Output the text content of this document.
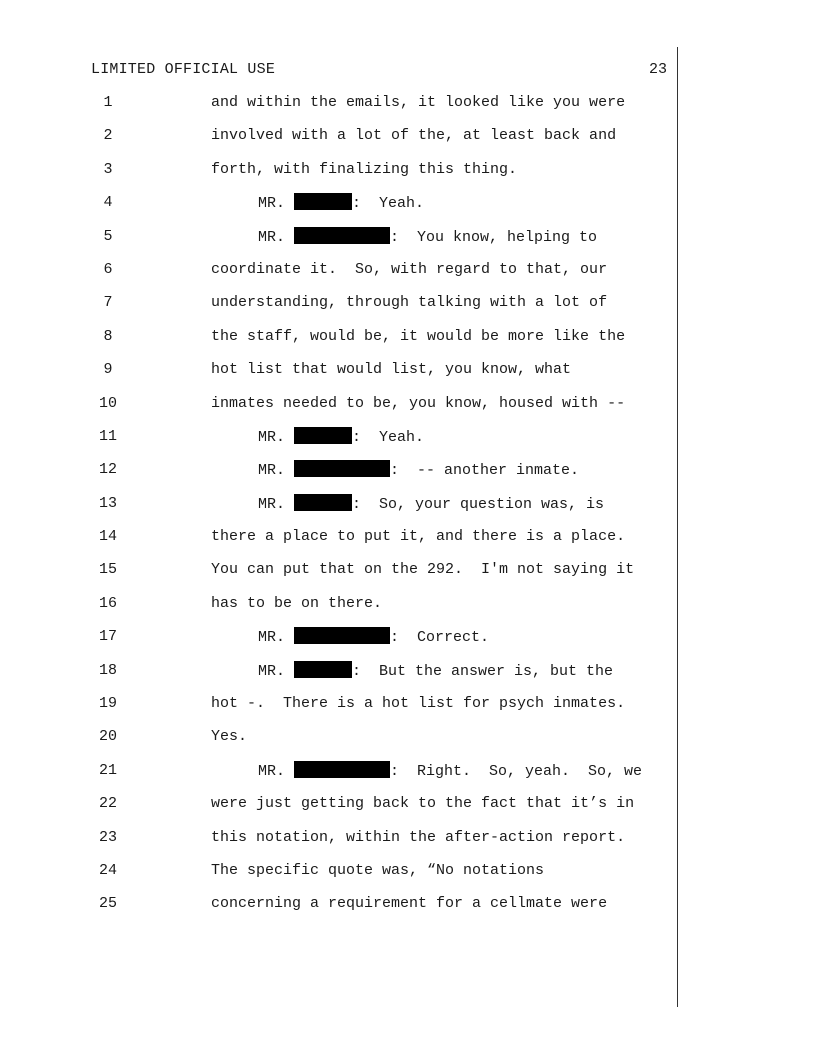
LIMITED OFFICIAL USE	23
1	and within the emails, it looked like you were
2	involved with a lot of the, at least back and
3	forth, with finalizing this thing.
4	MR.	:  Yeah.
5	MR.	:  You know, helping to
6	coordinate it.  So, with regard to that, our
7	understanding, through talking with a lot of
8	the staff, would be, it would be more like the
9	hot list that would list, you know, what
10	inmates needed to be, you know, housed with --
11	MR.	:  Yeah.
12	MR.	:  -- another inmate.
13	MR.	:  So, your question was, is
14	there a place to put it, and there is a place.
15	You can put that on the 292.  I'm not saying it
16	has to be on there.
17	MR.	:  Correct.
18	MR.	:  But the answer is, but the
19	hot -.  There is a hot list for psych inmates.
20	Yes.
21	MR.	:  Right.  So, yeah.  So, we
22	were just getting back to the fact that it’s in
23	this notation, within the after-action report.
24	The specific quote was, “No notations
25	concerning a requirement for a cellmate were
